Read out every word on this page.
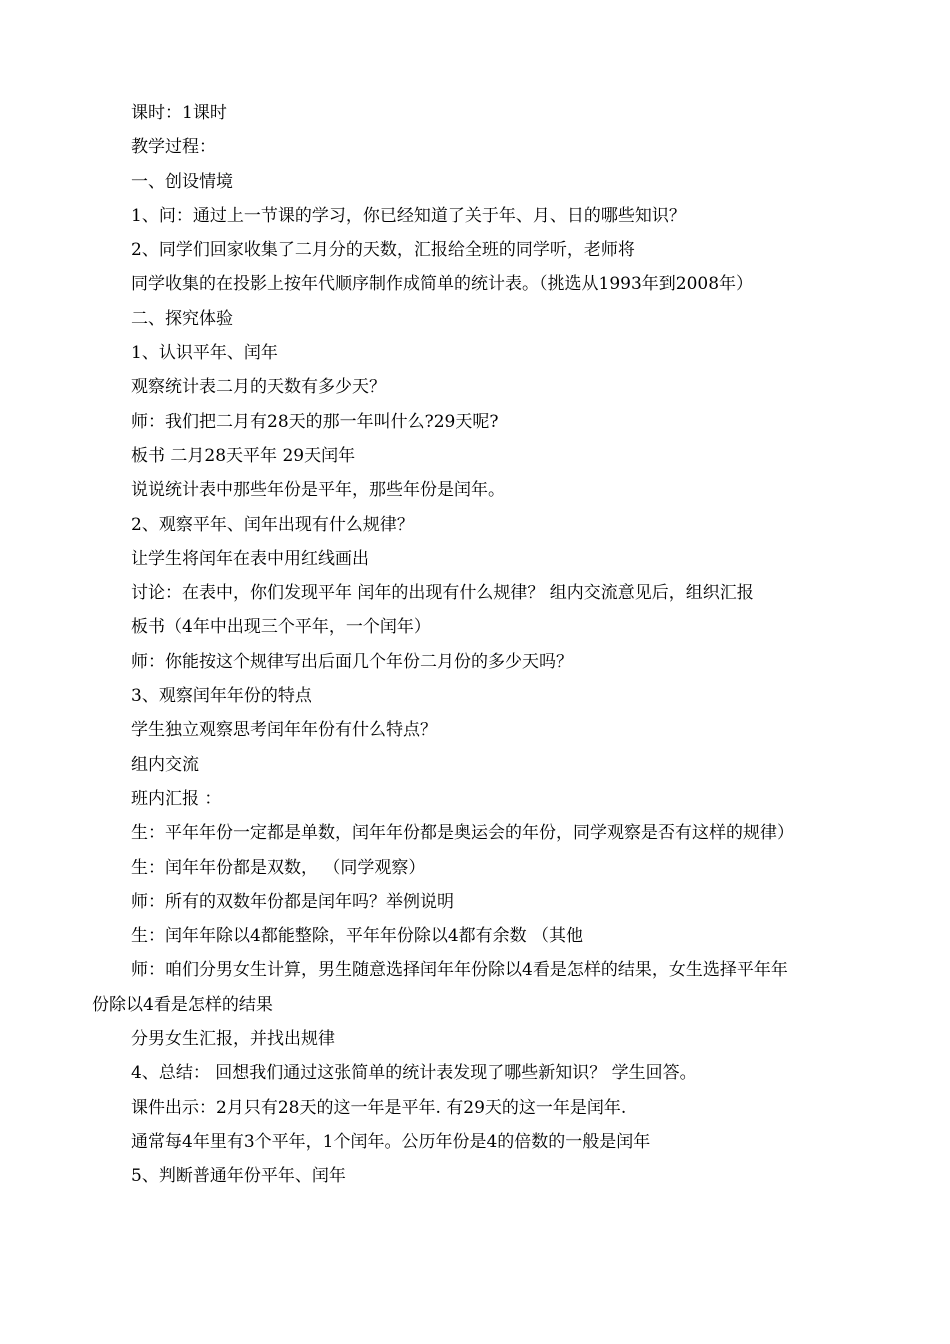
课时：1课时
教学过程：
一、创设情境
1、问：通过上一节课的学习，你已经知道了关于年、月、日的哪些知识？
2、同学们回家收集了二月分的天数，汇报给全班的同学听，老师将
同学收集的在投影上按年代顺序制作成简单的统计表。（挑选从1993年到2008年）
二、探究体验
1、认识平年、闰年
观察统计表二月的天数有多少天？
师：我们把二月有28天的那一年叫什么?29天呢?
板书 二月28天平年 29天闰年
说说统计表中那些年份是平年，那些年份是闰年。
2、观察平年、闰年出现有什么规律？
让学生将闰年在表中用红线画出
讨论：在表中，你们发现平年 闰年的出现有什么规律？ 组内交流意见后，组织汇报
板书（4年中出现三个平年，一个闰年）
师：你能按这个规律写出后面几个年份二月份的多少天吗？
3、观察闰年年份的特点
学生独立观察思考闰年年份有什么特点？
组内交流
班内汇报 ：
生：平年年份一定都是单数，闰年年份都是奥运会的年份，同学观察是否有这样的规律）
生：闰年年份都是双数， （同学观察）
师：所有的双数年份都是闰年吗？举例说明
生：闰年年除以4都能整除，平年年份除以4都有余数 （其他
师：咱们分男女生计算，男生随意选择闰年年份除以4看是怎样的结果，女生选择平年年
份除以4看是怎样的结果
分男女生汇报，并找出规律
4、总结： 回想我们通过这张简单的统计表发现了哪些新知识？ 学生回答。
课件出示：2月只有28天的这一年是平年. 有29天的这一年是闰年.
通常每4年里有3个平年，1个闰年。公历年份是4的倍数的一般是闰年
5、判断普通年份平年、闰年
